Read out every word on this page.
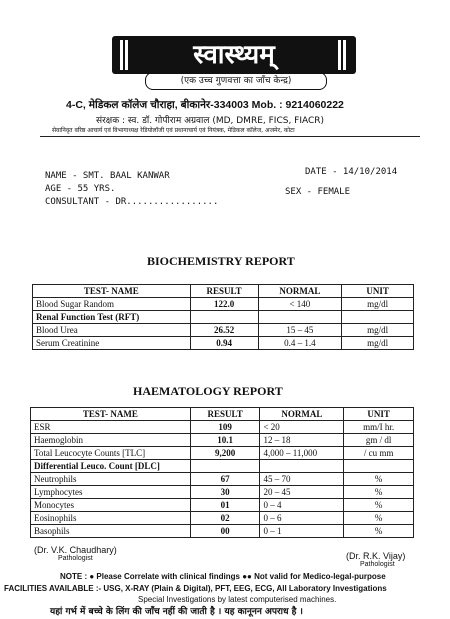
स्वास्थ्यम्
(एक उच्च गुणवत्ता का जाँच केन्द्र)
4-C, मेडिकल कॉलेज चौराहा, बीकानेर-334003 Mob. : 9214060222
संरक्षक : स्व. डॉ. गोपीराम अग्रवाल (MD, DMRE, FICS, FIACR)
सेवानिवृत वरिष्ठ आचार्य एवं विभागाध्यक्ष रेडियोलॉजी एवं प्रधानाचार्य एवं नियंत्रक, मेडिकल कॉलेज, अजमेर, कोटा
NAME - SMT. BAAL KANWAR	DATE - 14/10/2014
AGE - 55 YRS.	SEX - FEMALE
CONSULTANT - DR.................
BIOCHEMISTRY REPORT
TEST- NAME	RESULT	NORMAL	UNIT
Blood Sugar Random	122.0	< 140	mg/dl
Renal Function Test (RFT)			
Blood Urea	26.52	15 – 45	mg/dl
Serum Creatinine	0.94	0.4 – 1.4	mg/dl
HAEMATOLOGY REPORT
TEST- NAME	RESULT	NORMAL	UNIT
ESR	109	< 20	mm/I hr.
Haemoglobin	10.1	12 – 18	gm / dl
Total Leucocyte Counts [TLC]	9,200	4,000 – 11,000	/ cu mm
Differential Leuco. Count [DLC]			
Neutrophils	67	45 – 70	%
Lymphocytes	30	20 – 45	%
Monocytes	01	0 – 4	%
Eosinophils	02	0 – 6	%
Basophils	00	0 – 1	%
(Dr. V.K. Chaudhary)
Pathologist	(Dr. R.K. Vijay)
Pathologist
NOTE : ● Please Correlate with clinical findings ●● Not valid for Medico-legal-purpose
FACILITIES AVAILABLE :- USG, X-RAY (Plain & Digital), PFT, EEG, ECG, All Laboratory Investigations
Special Investigations by latest computerised machines.
यहां गर्भ में बच्चे के लिंग की जाँच नहीं की जाती है । यह कानूनन अपराध है ।
